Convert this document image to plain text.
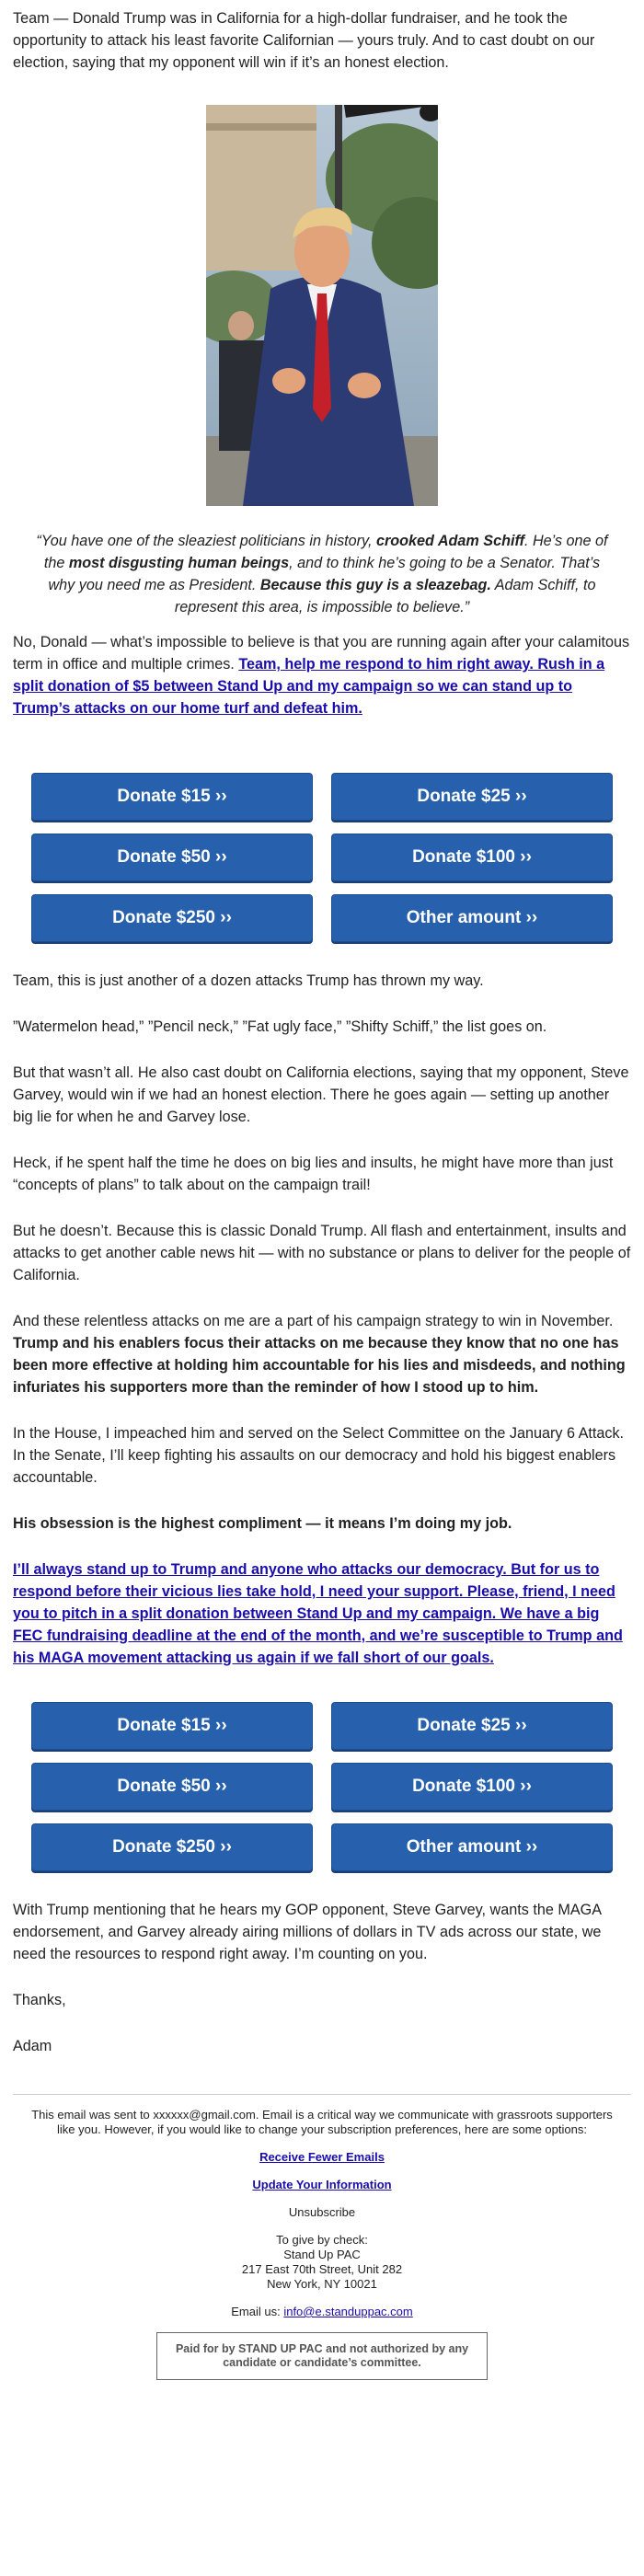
Team — Donald Trump was in California for a high-dollar fundraiser, and he took the opportunity to attack his least favorite Californian — yours truly. And to cast doubt on our election, saying that my opponent will win if it’s an honest election.

“You have one of the sleaziest politicians in history, crooked Adam Schiff. He’s one of the most disgusting human beings, and to think he’s going to be a Senator. That’s why you need me as President. Because this guy is a sleazebag. Adam Schiff, to represent this area, is impossible to believe.”

No, Donald — what’s impossible to believe is that you are running again after your calamitous term in office and multiple crimes. Team, help me respond to him right away. Rush in a split donation of $5 between Stand Up and my campaign so we can stand up to Trump’s attacks on our home turf and defeat him.

Donate $15 ››	Donate $25 ››
Donate $50 ››	Donate $100 ››
Donate $250 ››	Other amount ››

Team, this is just another of a dozen attacks Trump has thrown my way.

”Watermelon head,” ”Pencil neck,” ”Fat ugly face,” ”Shifty Schiff,” the list goes on.

But that wasn’t all. He also cast doubt on California elections, saying that my opponent, Steve Garvey, would win if we had an honest election. There he goes again — setting up another big lie for when he and Garvey lose.

Heck, if he spent half the time he does on big lies and insults, he might have more than just “concepts of plans” to talk about on the campaign trail!

But he doesn’t. Because this is classic Donald Trump. All flash and entertainment, insults and attacks to get another cable news hit — with no substance or plans to deliver for the people of California.

And these relentless attacks on me are a part of his campaign strategy to win in November. Trump and his enablers focus their attacks on me because they know that no one has been more effective at holding him accountable for his lies and misdeeds, and nothing infuriates his supporters more than the reminder of how I stood up to him.

In the House, I impeached him and served on the Select Committee on the January 6 Attack. In the Senate, I’ll keep fighting his assaults on our democracy and hold his biggest enablers accountable.

His obsession is the highest compliment — it means I’m doing my job.

I’ll always stand up to Trump and anyone who attacks our democracy. But for us to respond before their vicious lies take hold, I need your support. Please, friend, I need you to pitch in a split donation between Stand Up and my campaign. We have a big FEC fundraising deadline at the end of the month, and we’re susceptible to Trump and his MAGA movement attacking us again if we fall short of our goals.

Donate $15 ››	Donate $25 ››
Donate $50 ››	Donate $100 ››
Donate $250 ››	Other amount ››

With Trump mentioning that he hears my GOP opponent, Steve Garvey, wants the MAGA endorsement, and Garvey already airing millions of dollars in TV ads across our state, we need the resources to respond right away. I’m counting on you.

Thanks,

Adam

This email was sent to xxxxxx@gmail.com. Email is a critical way we communicate with grassroots supporters like you. However, if you would like to change your subscription preferences, here are some options:

Receive Fewer Emails
Update Your Information

Unsubscribe

To give by check:
Stand Up PAC
217 East 70th Street, Unit 282
New York, NY 10021

Email us: info@e.standuppac.com

Paid for by STAND UP PAC and not authorized by any candidate or candidate’s committee.
